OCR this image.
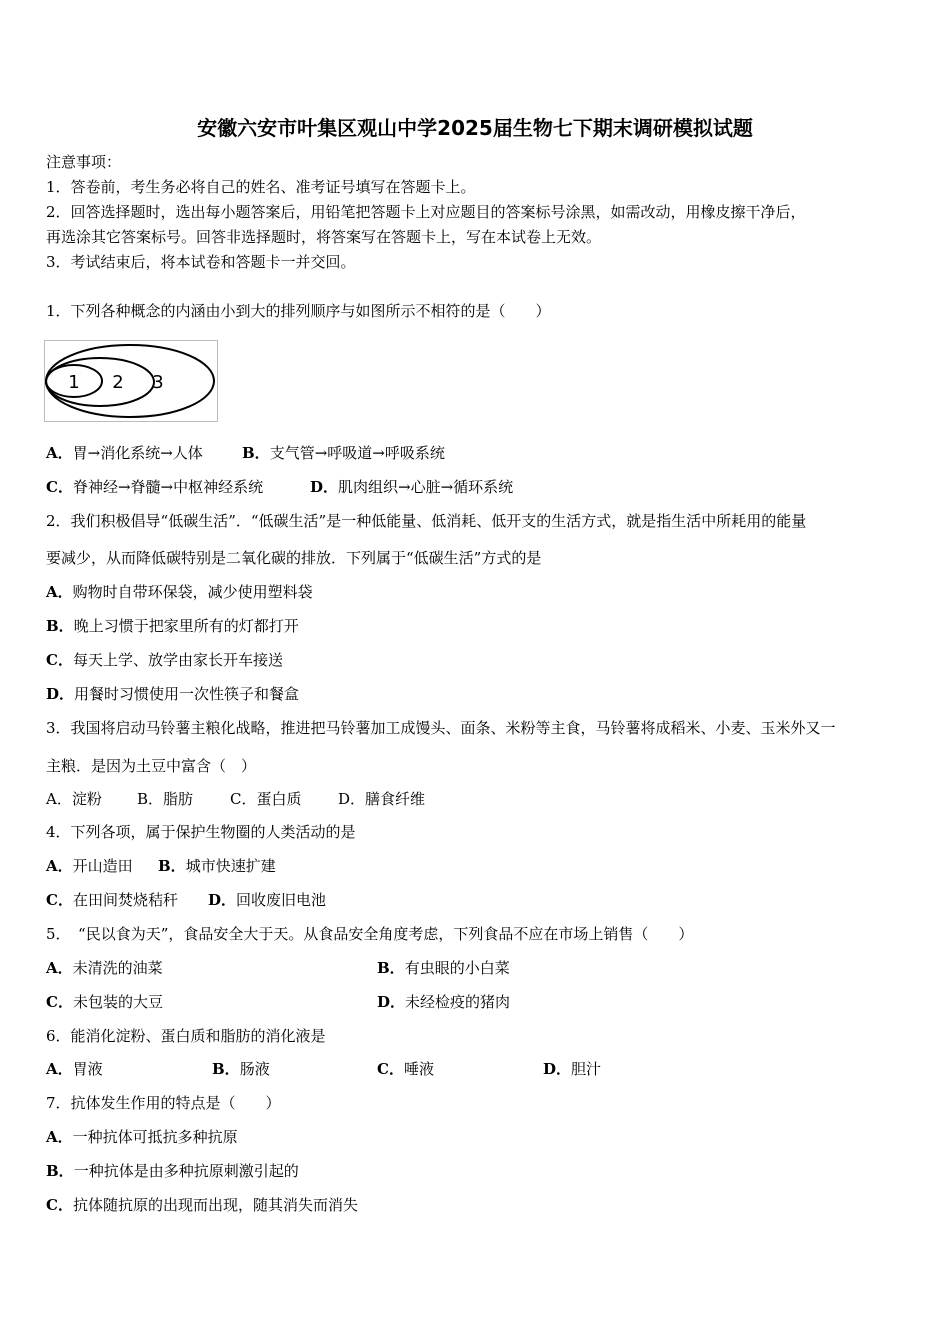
安徽六安市叶集区观山中学2025届生物七下期末调研模拟试题
注意事项：
1．答卷前，考生务必将自己的姓名、准考证号填写在答题卡上。
2．回答选择题时，选出每小题答案后，用铅笔把答题卡上对应题目的答案标号涂黑，如需改动，用橡皮擦干净后，
再选涂其它答案标号。回答非选择题时，将答案写在答题卡上，写在本试卷上无效。
3．考试结束后，将本试卷和答题卡一并交回。
1．下列各种概念的内涵由小到大的排列顺序与如图所示不相符的是（　　）
1 2 3
A．胃→消化系统→人体	B．支气管→呼吸道→呼吸系统
C．脊神经→脊髓→中枢神经系统	D．肌肉组织→心脏→循环系统
2．我们积极倡导“低碳生活”．“低碳生活”是一种低能量、低消耗、低开支的生活方式，就是指生活中所耗用的能量
要减少，从而降低碳特别是二氧化碳的排放．下列属于“低碳生活”方式的是
A．购物时自带环保袋，减少使用塑料袋
B．晚上习惯于把家里所有的灯都打开
C．每天上学、放学由家长开车接送
D．用餐时习惯使用一次性筷子和餐盒
3．我国将启动马铃薯主粮化战略，推进把马铃薯加工成馒头、面条、米粉等主食，马铃薯将成稻米、小麦、玉米外又一
主粮．是因为土豆中富含（　）
A．淀粉 B．脂肪 C．蛋白质 D．膳食纤维
4．下列各项，属于保护生物圈的人类活动的是
A．开山造田 B．城市快速扩建
C．在田间焚烧秸秆 D．回收废旧电池
5．　“民以食为天”，食品安全大于天。从食品安全角度考虑，下列食品不应在市场上销售（　　）
A．未清洗的油菜	B．有虫眼的小白菜
C．未包装的大豆	D．未经检疫的猪肉
6．能消化淀粉、蛋白质和脂肪的消化液是
A．胃液	B．肠液	C．唾液	D．胆汁
7．抗体发生作用的特点是（　　）
A．一种抗体可抵抗多种抗原
B．一种抗体是由多种抗原刺激引起的
C．抗体随抗原的出现而出现，随其消失而消失
